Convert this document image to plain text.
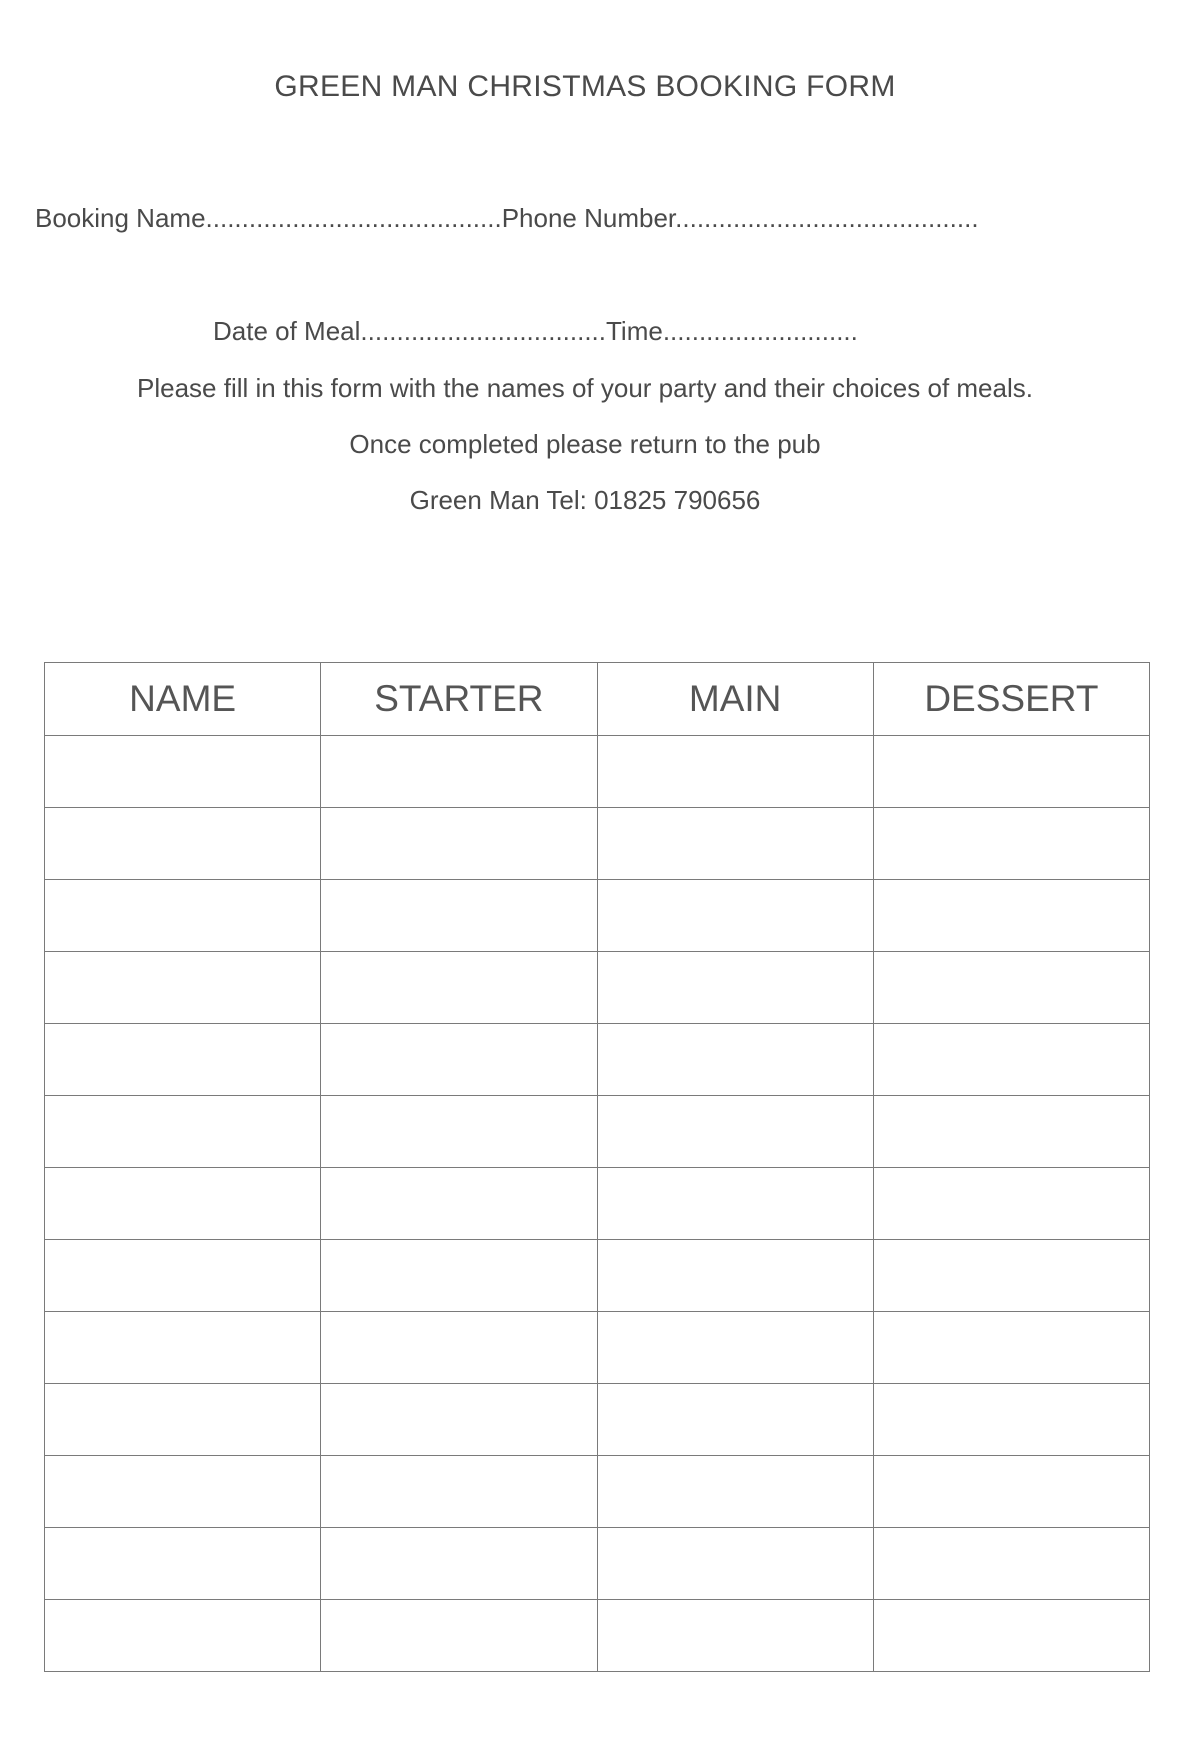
GREEN MAN CHRISTMAS BOOKING FORM
Booking Name.........................................Phone Number..........................................
Date of Meal..................................Time...........................
Please fill in this form with the names of your party and their choices of meals.
Once completed please return to the pub
Green Man Tel: 01825 790656
NAME	STARTER	MAIN	DESSERT
